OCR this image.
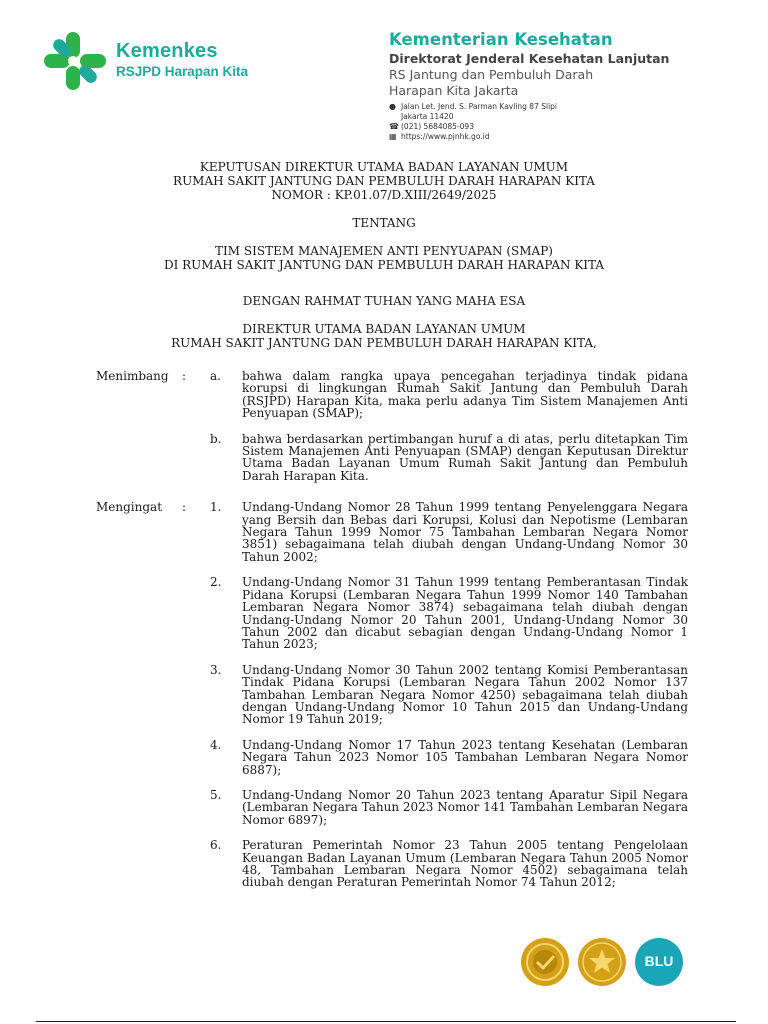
Kemenkes
RSJPD Harapan Kita
Kementerian Kesehatan
Direktorat Jenderal Kesehatan Lanjutan
RS Jantung dan Pembuluh Darah
Harapan Kita Jakarta
● Jalan Let. Jend. S. Parman Kavling 87 Slipi
Jakarta 11420
☎ (021) 5684085-093
▦ https://www.pjnhk.go.id
KEPUTUSAN DIREKTUR UTAMA BADAN LAYANAN UMUM
RUMAH SAKIT JANTUNG DAN PEMBULUH DARAH HARAPAN KITA
NOMOR : KP.01.07/D.XIII/2649/2025
TENTANG
TIM SISTEM MANAJEMEN ANTI PENYUAPAN (SMAP)
DI RUMAH SAKIT JANTUNG DAN PEMBULUH DARAH HARAPAN KITA
DENGAN RAHMAT TUHAN YANG MAHA ESA
DIREKTUR UTAMA BADAN LAYANAN UMUM
RUMAH SAKIT JANTUNG DAN PEMBULUH DARAH HARAPAN KITA,
Menimbang	:	a.	bahwa dalam rangka upaya pencegahan terjadinya tindak pidana korupsi di lingkungan Rumah Sakit Jantung dan Pembuluh Darah (RSJPD) Harapan Kita, maka perlu adanya Tim Sistem Manajemen Anti Penyuapan (SMAP);
b.	bahwa berdasarkan pertimbangan huruf a di atas, perlu ditetapkan Tim Sistem Manajemen Anti Penyuapan (SMAP) dengan Keputusan Direktur Utama Badan Layanan Umum Rumah Sakit Jantung dan Pembuluh Darah Harapan Kita.
Mengingat	:	1.	Undang-Undang Nomor 28 Tahun 1999 tentang Penyelenggara Negara yang Bersih dan Bebas dari Korupsi, Kolusi dan Nepotisme (Lembaran Negara Tahun 1999 Nomor 75 Tambahan Lembaran Negara Nomor 3851) sebagaimana telah diubah dengan Undang-Undang Nomor 30 Tahun 2002;
2.	Undang-Undang Nomor 31 Tahun 1999 tentang Pemberantasan Tindak Pidana Korupsi (Lembaran Negara Tahun 1999 Nomor 140 Tambahan Lembaran Negara Nomor 3874) sebagaimana telah diubah dengan Undang-Undang Nomor 20 Tahun 2001, Undang-Undang Nomor 30 Tahun 2002 dan dicabut sebagian dengan Undang-Undang Nomor 1 Tahun 2023;
3.	Undang-Undang Nomor 30 Tahun 2002 tentang Komisi Pemberantasan Tindak Pidana Korupsi (Lembaran Negara Tahun 2002 Nomor 137 Tambahan Lembaran Negara Nomor 4250) sebagaimana telah diubah dengan Undang-Undang Nomor 10 Tahun 2015 dan Undang-Undang Nomor 19 Tahun 2019;
4.	Undang-Undang Nomor 17 Tahun 2023 tentang Kesehatan (Lembaran Negara Tahun 2023 Nomor 105 Tambahan Lembaran Negara Nomor 6887);
5.	Undang-Undang Nomor 20 Tahun 2023 tentang Aparatur Sipil Negara (Lembaran Negara Tahun 2023 Nomor 141 Tambahan Lembaran Negara Nomor 6897);
6.	Peraturan Pemerintah Nomor 23 Tahun 2005 tentang Pengelolaan Keuangan Badan Layanan Umum (Lembaran Negara Tahun 2005 Nomor 48, Tambahan Lembaran Negara Nomor 4502) sebagaimana telah diubah dengan Peraturan Pemerintah Nomor 74 Tahun 2012;
BLU
